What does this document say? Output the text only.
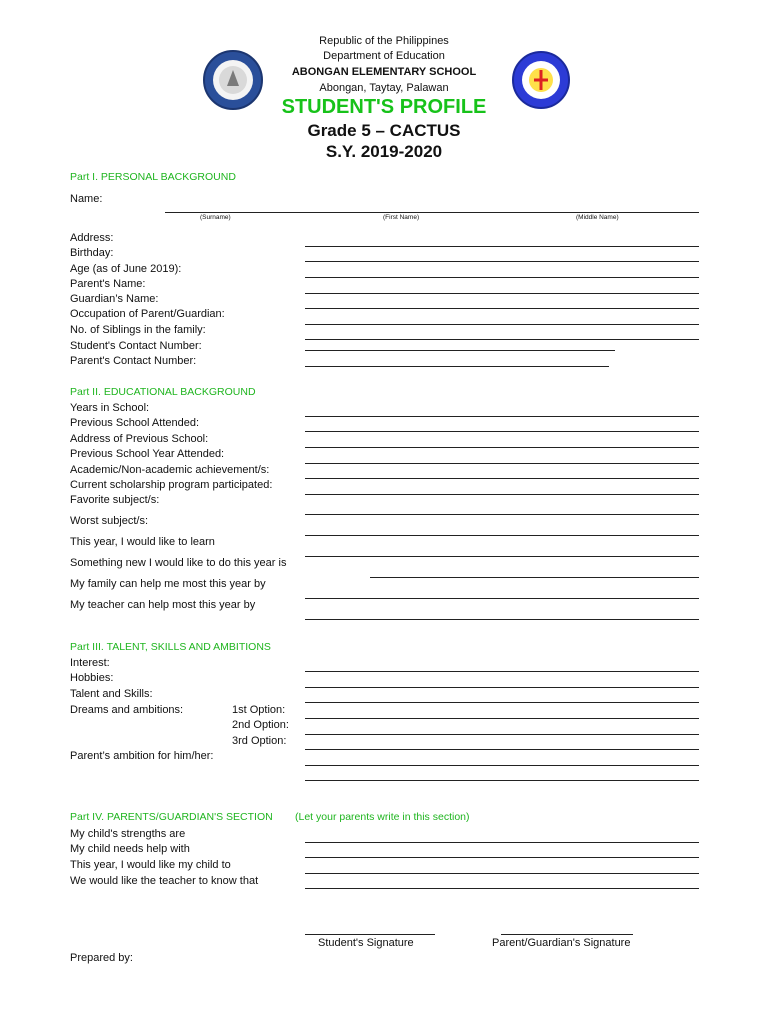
Republic of the Philippines
Department of Education
ABONGAN ELEMENTARY SCHOOL
Abongan, Taytay, Palawan
STUDENT'S PROFILE
Grade 5 – CACTUS
S.Y. 2019-2020
Part I. PERSONAL BACKGROUND
Name:
(Surname)	(First Name)	(Middle Name)
Address:
Birthday:
Age (as of June 2019):
Parent's Name:
Guardian’s Name:
Occupation of Parent/Guardian:
No. of Siblings in the family:
Student's Contact Number:
Parent's Contact Number:
Part II. EDUCATIONAL BACKGROUND
Years in School:
Previous School Attended:
Address of Previous School:
Previous School Year Attended:
Academic/Non-academic achievement/s:
Current scholarship program participated:
Favorite subject/s:
Worst subject/s:
This year, I would like to learn
Something new I would like to do this year is
My family can help me most this year by
My teacher can help most this year by
Part III. TALENT, SKILLS AND AMBITIONS
Interest:
Hobbies:
Talent and Skills:
Dreams and ambitions:	1st Option:
2nd Option:
3rd Option:
Parent’s ambition for him/her:
Part IV. PARENTS/GUARDIAN'S SECTION (Let your parents write in this section)
My child's strengths are
My child needs help with
This year, I would like my child to
We would like the teacher to know that
Student's Signature	Parent/Guardian's Signature
Prepared by:
